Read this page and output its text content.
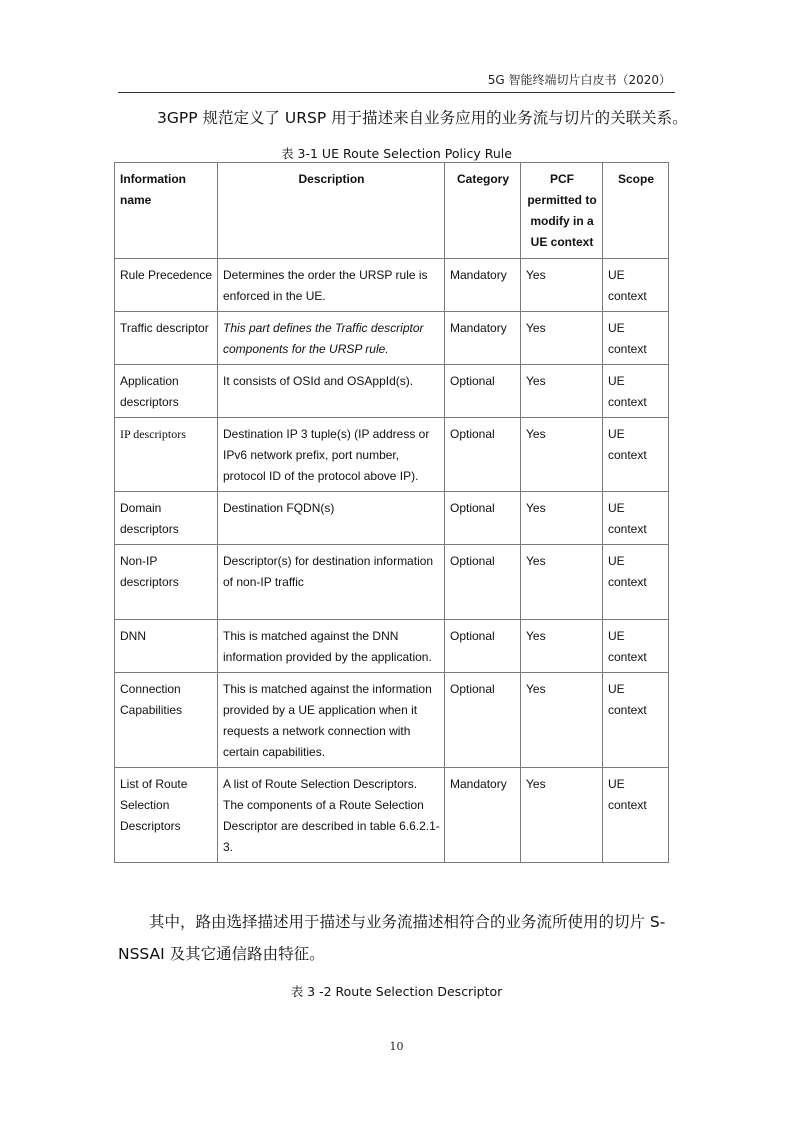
5G 智能终端切片白皮书（2020）
3GPP 规范定义了 URSP 用于描述来自业务应用的业务流与切片的关联关系。
表 3-1 UE Route Selection Policy Rule
Information name	Description	Category	PCF permitted to modify in a UE context	Scope
Rule Precedence	Determines the order the URSP rule is enforced in the UE.	Mandatory	Yes	UE context
Traffic descriptor	This part defines the Traffic descriptor components for the URSP rule.	Mandatory	Yes	UE context
Application descriptors	It consists of OSId and OSAppId(s).	Optional	Yes	UE context
IP descriptors	Destination IP 3 tuple(s) (IP address or IPv6 network prefix, port number, protocol ID of the protocol above IP).	Optional	Yes	UE context
Domain descriptors	Destination FQDN(s)	Optional	Yes	UE context
Non-IP descriptors	Descriptor(s) for destination information of non-IP traffic	Optional	Yes	UE context
DNN	This is matched against the DNN information provided by the application.	Optional	Yes	UE context
Connection Capabilities	This is matched against the information provided by a UE application when it requests a network connection with certain capabilities.	Optional	Yes	UE context
List of Route Selection Descriptors	A list of Route Selection Descriptors. The components of a Route Selection Descriptor are described in table 6.6.2.1-3.	Mandatory	Yes	UE context
其中，路由选择描述用于描述与业务流描述相符合的业务流所使用的切片 S-NSSAI 及其它通信路由特征。
表 3 -2 Route Selection Descriptor
10
